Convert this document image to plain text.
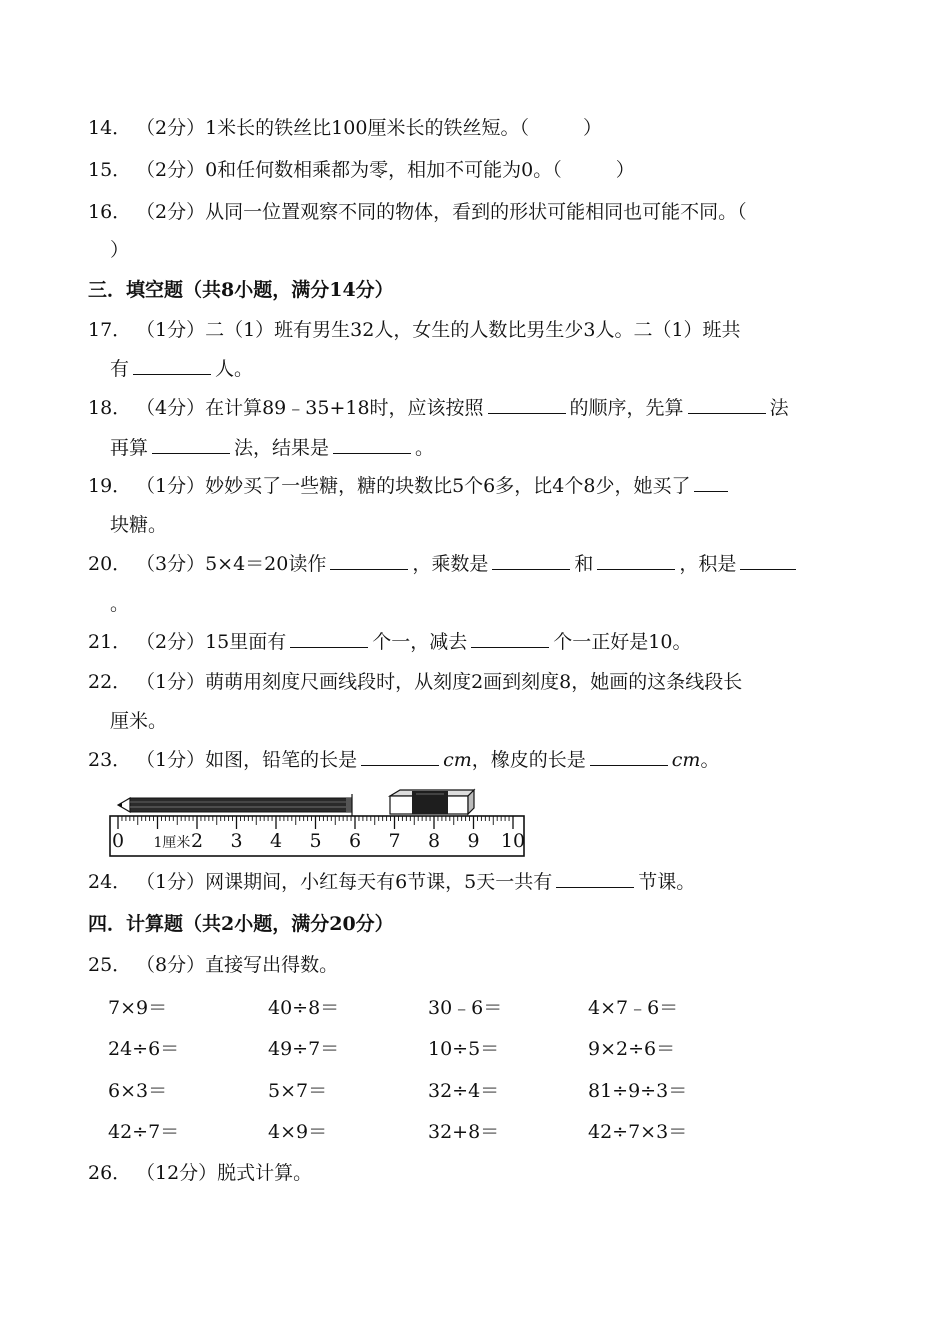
14． （2分）1米长的铁丝比100厘米长的铁丝短。（	）
15． （2分）0和任何数相乘都为零，相加不可能为0。（	）
16． （2分）从同一位置观察不同的物体，看到的形状可能相同也可能不同。（
）
三．填空题（共8小题，满分14分）
17． （1分）二（1）班有男生32人，女生的人数比男生少3人。二（1）班共
有	人。
18． （4分）在计算89﹣35+18时，应该按照	的顺序，先算	法
再算	法，结果是	。
19． （1分）妙妙买了一些糖，糖的块数比5个6多，比4个8少，她买了
块糖。
20． （3分）5×4＝20读作	，乘数是	和	，积是
。
21． （2分）15里面有	个一，减去	个一正好是10。
22． （1分）萌萌用刻度尺画线段时，从刻度2画到刻度8，她画的这条线段长
厘米。
23． （1分）如图，铅笔的长是	cm，橡皮的长是	cm。
0 1厘米 2 3 4 5 6 7 8 9 10
24． （1分）网课期间，小红每天有6节课，5天一共有	节课。
四．计算题（共2小题，满分20分）
25． （8分）直接写出得数。
7×9＝	40÷8＝	30﹣6＝	4×7﹣6＝
24÷6＝	49÷7＝	10÷5＝	9×2÷6＝
6×3＝	5×7＝	32÷4＝	81÷9÷3＝
42÷7＝	4×9＝	32+8＝	42÷7×3＝
26． （12分）脱式计算。
